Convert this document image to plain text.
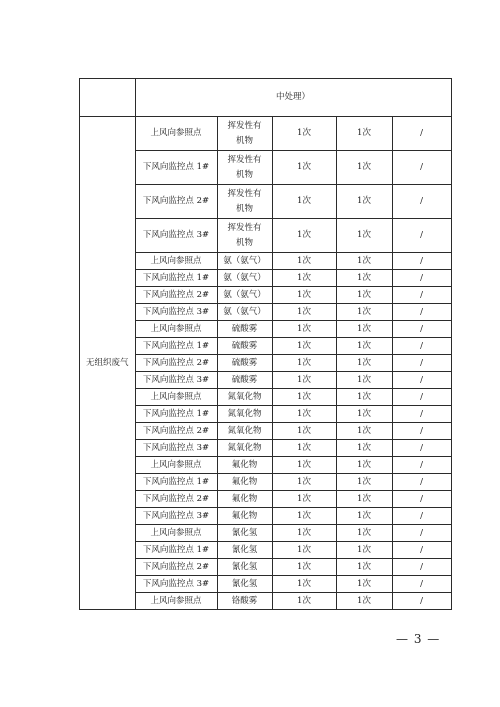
	中处理）				
无组织废气	上风向参照点	挥发性有机物	1次	1次	/
	下风向监控点 1#	挥发性有机物	1次	1次	/
	下风向监控点 2#	挥发性有机物	1次	1次	/
	下风向监控点 3#	挥发性有机物	1次	1次	/
	上风向参照点	氨（氨气）	1次	1次	/
	下风向监控点 1#	氨（氨气）	1次	1次	/
	下风向监控点 2#	氨（氨气）	1次	1次	/
	下风向监控点 3#	氨（氨气）	1次	1次	/
	上风向参照点	硫酸雾	1次	1次	/
	下风向监控点 1#	硫酸雾	1次	1次	/
	下风向监控点 2#	硫酸雾	1次	1次	/
	下风向监控点 3#	硫酸雾	1次	1次	/
	上风向参照点	氮氧化物	1次	1次	/
	下风向监控点 1#	氮氧化物	1次	1次	/
	下风向监控点 2#	氮氧化物	1次	1次	/
	下风向监控点 3#	氮氧化物	1次	1次	/
	上风向参照点	氟化物	1次	1次	/
	下风向监控点 1#	氟化物	1次	1次	/
	下风向监控点 2#	氟化物	1次	1次	/
	下风向监控点 3#	氟化物	1次	1次	/
	上风向参照点	氰化氢	1次	1次	/
	下风向监控点 1#	氰化氢	1次	1次	/
	下风向监控点 2#	氰化氢	1次	1次	/
	下风向监控点 3#	氰化氢	1次	1次	/
	上风向参照点	铬酸雾	1次	1次	/
— 3 —
